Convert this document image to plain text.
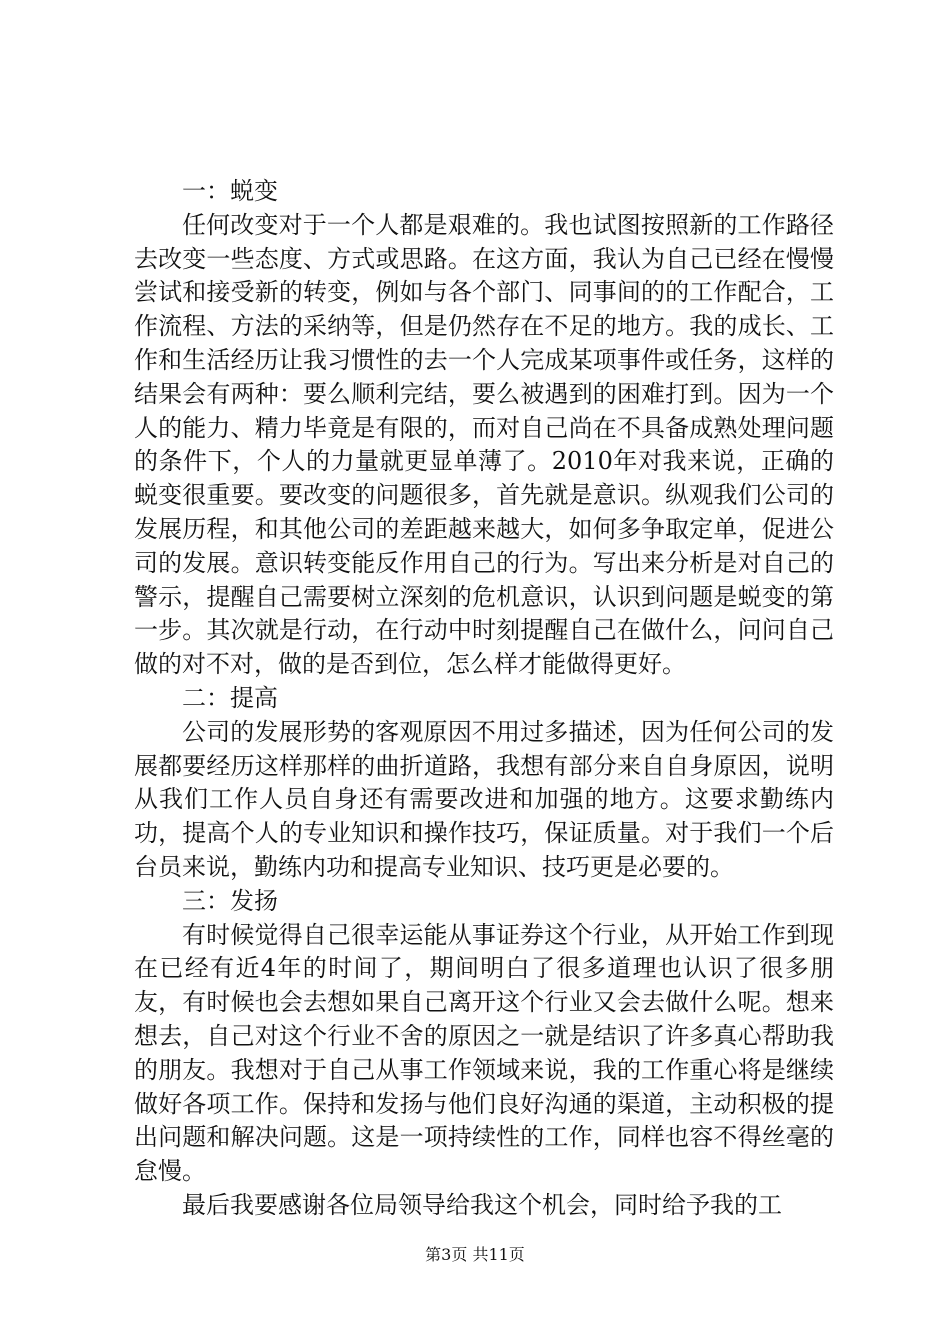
一：蜕变

任何改变对于一个人都是艰难的。我也试图按照新的工作路径去改变一些态度、方式或思路。在这方面，我认为自己已经在慢慢尝试和接受新的转变，例如与各个部门、同事间的的工作配合，工作流程、方法的采纳等，但是仍然存在不足的地方。我的成长、工作和生活经历让我习惯性的去一个人完成某项事件或任务，这样的结果会有两种：要么顺利完结，要么被遇到的困难打到。因为一个人的能力、精力毕竟是有限的，而对自己尚在不具备成熟处理问题的条件下，个人的力量就更显单薄了。2010年对我来说，正确的蜕变很重要。要改变的问题很多，首先就是意识。纵观我们公司的发展历程，和其他公司的差距越来越大，如何多争取定单，促进公司的发展。意识转变能反作用自己的行为。写出来分析是对自己的警示，提醒自己需要树立深刻的危机意识，认识到问题是蜕变的第一步。其次就是行动，在行动中时刻提醒自己在做什么，问问自己做的对不对，做的是否到位，怎么样才能做得更好。

二：提高

公司的发展形势的客观原因不用过多描述，因为任何公司的发展都要经历这样那样的曲折道路，我想有部分来自自身原因，说明从我们工作人员自身还有需要改进和加强的地方。这要求勤练内功，提高个人的专业知识和操作技巧，保证质量。对于我们一个后台员来说，勤练内功和提高专业知识、技巧更是必要的。

三：发扬

有时候觉得自己很幸运能从事证券这个行业，从开始工作到现在已经有近4年的时间了，期间明白了很多道理也认识了很多朋友，有时候也会去想如果自己离开这个行业又会去做什么呢。想来想去，自己对这个行业不舍的原因之一就是结识了许多真心帮助我的朋友。我想对于自己从事工作领域来说，我的工作重心将是继续做好各项工作。保持和发扬与他们良好沟通的渠道，主动积极的提出问题和解决问题。这是一项持续性的工作，同样也容不得丝毫的怠慢。

最后我要感谢各位局领导给我这个机会，同时给予我的工

第3页 共11页
